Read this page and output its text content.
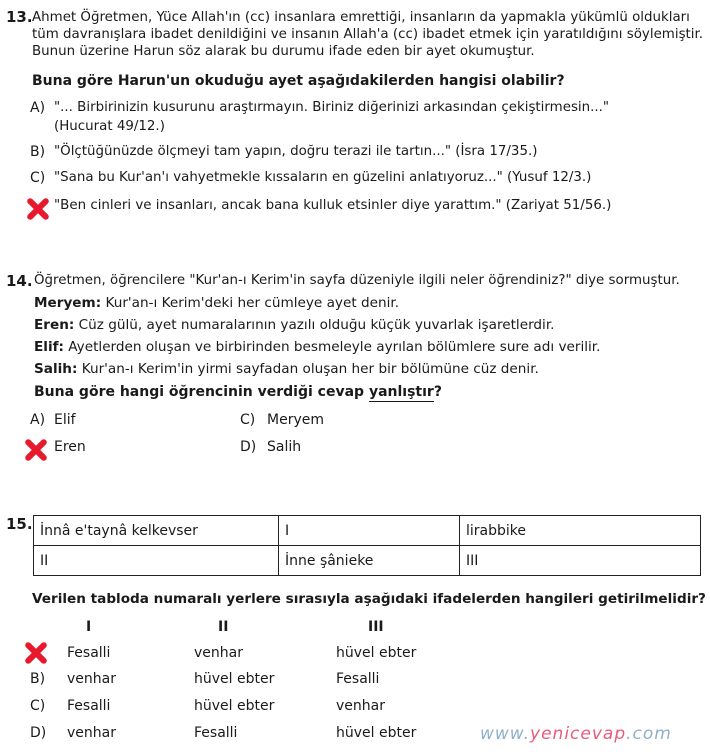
13. Ahmet Öğretmen, Yüce Allah'ın (cc) insanlara emrettiği, insanların da yapmakla yükümlü oldukları tüm davranışlara ibadet denildiğini ve insanın Allah'a (cc) ibadet etmek için yaratıldığını söylemiştir. Bunun üzerine Harun söz alarak bu durumu ifade eden bir ayet okumuştur.
Buna göre Harun'un okuduğu ayet aşağıdakilerden hangisi olabilir?
A) "... Birbirinizin kusurunu araştırmayın. Biriniz diğerinizi arkasından çekiştirmesin..."
(Hucurat 49/12.)
B) "Ölçtüğünüzde ölçmeyi tam yapın, doğru terazi ile tartın..." (İsra 17/35.)
C) "Sana bu Kur'an'ı vahyetmekle kıssaların en güzelini anlatıyoruz..." (Yusuf 12/3.)
"Ben cinleri ve insanları, ancak bana kulluk etsinler diye yarattım." (Zariyat 51/56.)
14. Öğretmen, öğrencilere "Kur'an-ı Kerim'in sayfa düzeniyle ilgili neler öğrendiniz?" diye sormuştur.
Meryem: Kur'an-ı Kerim'deki her cümleye ayet denir.
Eren: Cüz gülü, ayet numaralarının yazılı olduğu küçük yuvarlak işaretlerdir.
Elif: Ayetlerden oluşan ve birbirinden besmeleyle ayrılan bölümlere sure adı verilir.
Salih: Kur'an-ı Kerim'in yirmi sayfadan oluşan her bir bölümüne cüz denir.
Buna göre hangi öğrencinin verdiği cevap yanlıştır?
A) Elif	C) Meryem
Eren	D) Salih
15. İnnâ e'taynâ kelkevser	I	lirabbike
II	İnne şânieke	III
Verilen tabloda numaralı yerlere sırasıyla aşağıdaki ifadelerden hangileri getirilmelidir?
I	II	III
Fesalli	venhar	hüvel ebter
B) venhar	hüvel ebter	Fesalli
C) Fesalli	hüvel ebter	venhar
D) venhar	Fesalli	hüvel ebter	www.yenicevap.com
